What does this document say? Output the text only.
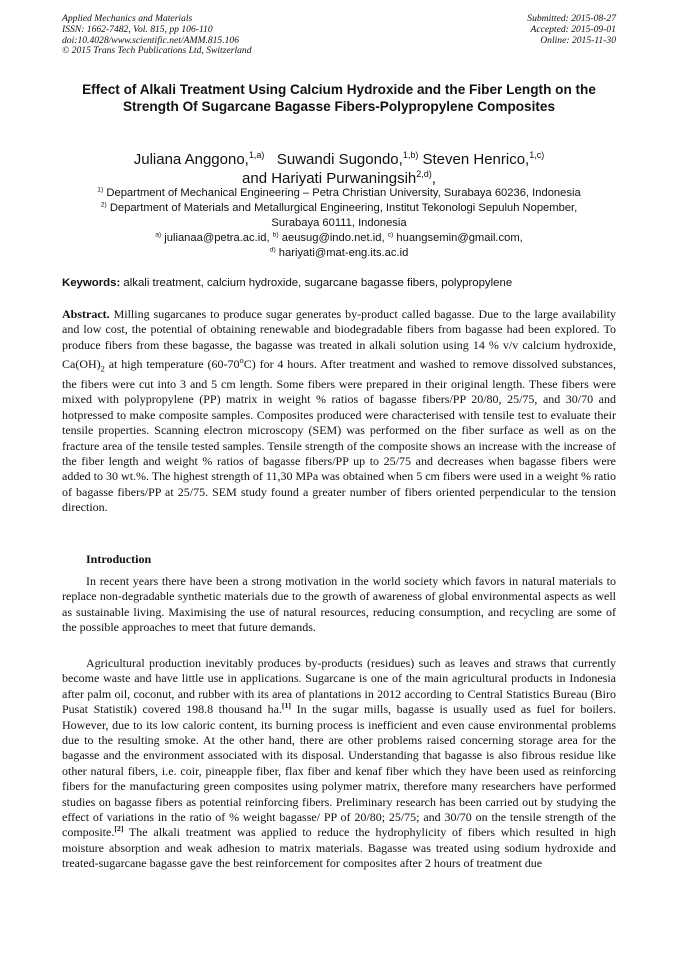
Applied Mechanics and Materials
ISSN: 1662-7482, Vol. 815, pp 106-110
doi:10.4028/www.scientific.net/AMM.815.106
© 2015 Trans Tech Publications Ltd, Switzerland
Submitted: 2015-08-27
Accepted: 2015-09-01
Online: 2015-11-30
Effect of Alkali Treatment Using Calcium Hydroxide and the Fiber Length on the Strength Of Sugarcane Bagasse Fibers-Polypropylene Composites
Juliana Anggono,$^{1,a)}$ Suwandi Sugondo,$^{1,b)}$ Steven Henrico,$^{1,c)}$
and Hariyati Purwaningsih$^{2,d)}$,
$^{1)}$ Department of Mechanical Engineering – Petra Christian University, Surabaya 60236, Indonesia
$^{2)}$ Department of Materials and Metallurgical Engineering, Institut Tekonologi Sepuluh Nopember,
Surabaya 60111, Indonesia
$^{a)}$ julianaa@petra.ac.id, $^{b)}$ aeusug@indo.net.id, $^{c)}$ huangsemin@gmail.com,
$^{d)}$ hariyati@mat-eng.its.ac.id
Keywords: alkali treatment, calcium hydroxide, sugarcane bagasse fibers, polypropylene
Abstract. Milling sugarcanes to produce sugar generates by-product called bagasse. Due to the large availability and low cost, the potential of obtaining renewable and biodegradable fibers from bagasse had been explored. To produce fibers from these bagasse, the bagasse was treated in alkali solution using 14 % v/v calcium hydroxide, $Ca(OH)_2$ at high temperature (60-70$^o$C) for 4 hours. After treatment and washed to remove dissolved substances, the fibers were cut into 3 and 5 cm length. Some fibers were prepared in their original length. These fibers were mixed with polypropylene (PP) matrix in weight % ratios of bagasse fibers/PP 20/80, 25/75, and 30/70 and hotpressed to make composite samples. Composites produced were characterised with tensile test to evaluate their tensile properties. Scanning electron microscopy (SEM) was performed on the fiber surface as well as on the fracture area of the tensile tested samples. Tensile strength of the composite shows an increase with the increase of the fiber length and weight % ratios of bagasse fibers/PP up to 25/75 and decreases when bagasse fibers were added to 30 wt.%. The highest strength of 11,30 MPa was obtained when 5 cm fibers were used in a weight % ratio of bagasse fibers/PP at 25/75. SEM study found a greater number of fibers oriented perpendicular to the tension direction.
Introduction
In recent years there have been a strong motivation in the world society which favors in natural materials to replace non-degradable synthetic materials due to the growth of awareness of global environmental aspects as well as sustainable living. Maximising the use of natural resources, reducing consumption, and recycling are some of the possible approaches to meet that future demands.
Agricultural production inevitably produces by-products (residues) such as leaves and straws that currently become waste and have little use in applications. Sugarcane is one of the main agricultural products in Indonesia after palm oil, coconut, and rubber with its area of plantations in 2012 according to Central Statistics Bureau (Biro Pusat Statistik) covered 198.8 thousand ha.[1] In the sugar mills, bagasse is usually used as fuel for boilers. However, due to its low caloric content, its burning process is inefficient and even cause environmental problems due to the resulting smoke. At the other hand, there are other problems raised concerning storage area for the bagasse and the environment associated with its disposal. Understanding that bagasse is also fibrous residue like other natural fibers, i.e. coir, pineapple fiber, flax fiber and kenaf fiber which they have been used as reinforcing fibers for the manufacturing green composites using polymer matrix, therefore many researchers have performed studies on bagasse fibers as potential reinforcing fibers. Preliminary research has been carried out by studying the effect of variations in the ratio of % weight bagasse/ PP of 20/80; 25/75; and 30/70 on the tensile strength of the composite.[2] The alkali treatment was applied to reduce the hydrophylicity of fibers which resulted in high moisture absorption and weak adhesion to matrix materials. Bagasse was treated using sodium hydroxide and treated-sugarcane bagasse gave the best reinforcement for composites after 2 hours of treatment due
